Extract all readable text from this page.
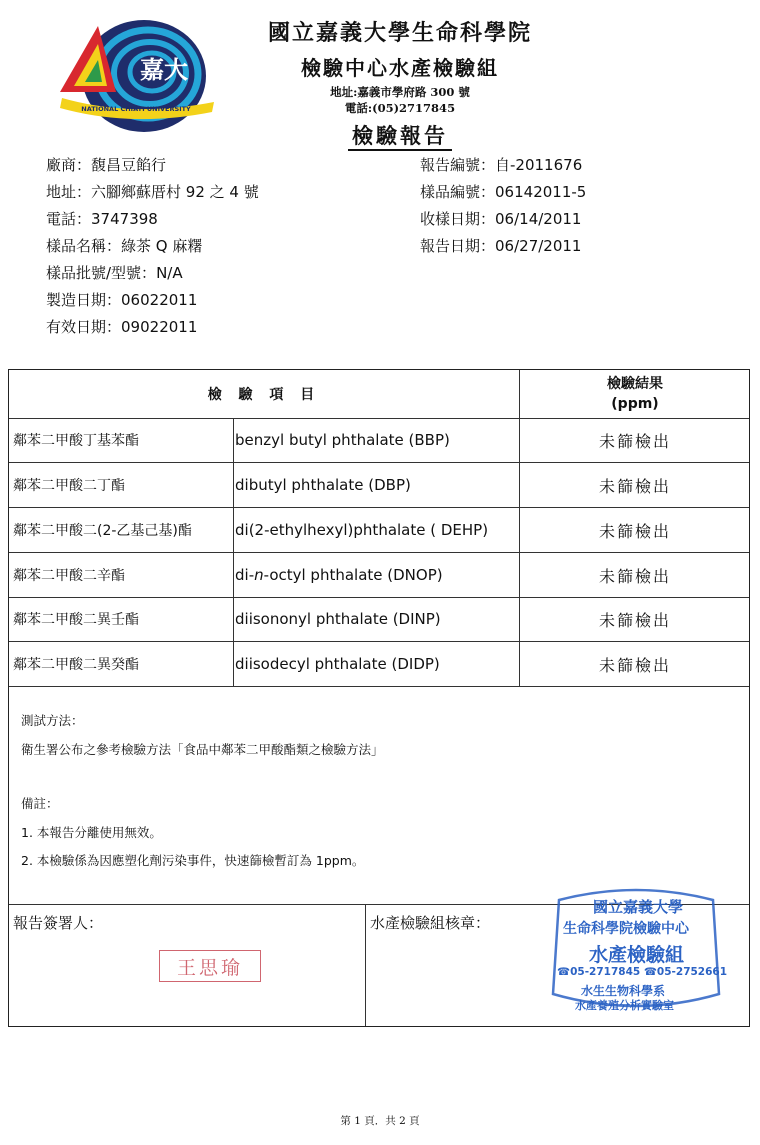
NATIONAL CHIAYI UNIVERSITY
嘉大
國立嘉義大學生命科學院
檢驗中心水產檢驗組
地址:嘉義市學府路 300 號
電話:(05)2717845
檢驗報告
廠商：馥昌豆餡行
地址：六腳鄉蘇厝村 92 之 4 號
電話：3747398
樣品名稱：綠茶 Q 麻糬
樣品批號/型號：N/A
製造日期：06022011
有效日期：09022011
報告編號：自-2011676
樣品編號：06142011-5
收樣日期：06/14/2011
報告日期：06/27/2011
檢 驗 項 目
檢驗結果
(ppm)
鄰苯二甲酸丁基苯酯	benzyl butyl phthalate (BBP)	未篩檢出
鄰苯二甲酸二丁酯	dibutyl phthalate (DBP)	未篩檢出
鄰苯二甲酸二(2-乙基己基)酯	di(2-ethylhexyl)phthalate ( DEHP)	未篩檢出
鄰苯二甲酸二辛酯	di- n -octyl phthalate (DNOP)	未篩檢出
鄰苯二甲酸二異壬酯	diisononyl phthalate (DINP)	未篩檢出
鄰苯二甲酸二異癸酯	diisodecyl phthalate (DIDP)	未篩檢出
測試方法：
衛生署公布之參考檢驗方法「食品中鄰苯二甲酸酯類之檢驗方法」
備註：
1. 本報告分離使用無效。
2. 本檢驗係為因應塑化劑污染事件，快速篩檢暫訂為 1ppm。
報告簽署人：
王思瑜
水產檢驗組核章：
國立嘉義大學
生命科學院檢驗中心
水產檢驗組
☎05-2717845 ☎05-2752661
水生生物科學系
水產養殖分析實驗室
第 1 頁．共 2 頁
